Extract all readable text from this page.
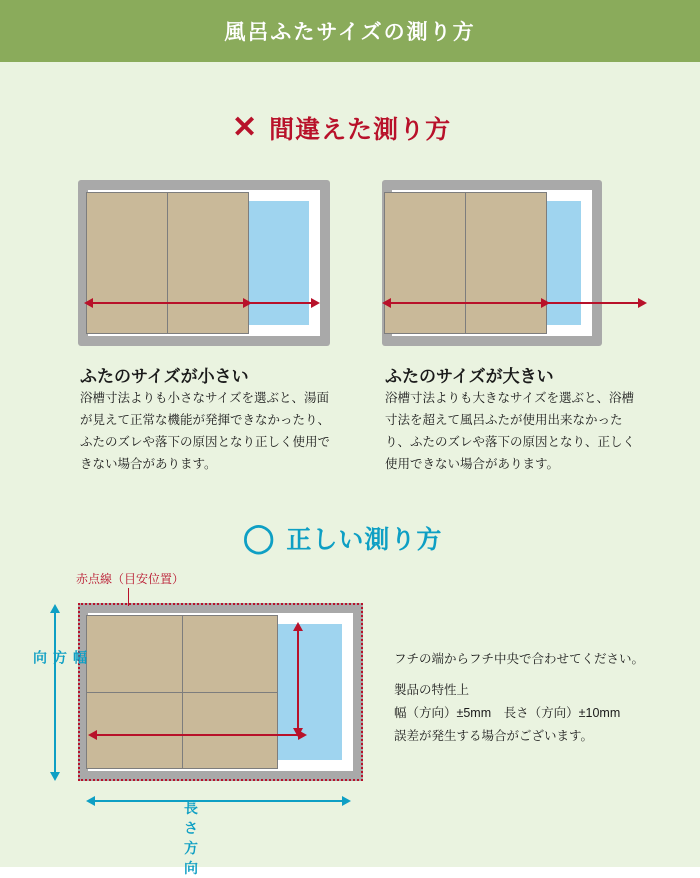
風呂ふたサイズの測り方
✕ 間違えた測り方
ふたのサイズが小さい
浴槽寸法よりも小さなサイズを選ぶと、湯面が見えて正常な機能が発揮できなかったり、ふたのズレや落下の原因となり正しく使用できない場合があります。
ふたのサイズが大きい
浴槽寸法よりも大きなサイズを選ぶと、浴槽寸法を超えて風呂ふたが使用出来なかったり、ふたのズレや落下の原因となり、正しく使用できない場合があります。
◯ 正しい測り方
赤点線（目安位置）
幅方向
長さ方向
フチの端からフチ中央で合わせてください。
製品の特性上
幅（方向）±5mm　長さ（方向）±10mm
誤差が発生する場合がございます。
